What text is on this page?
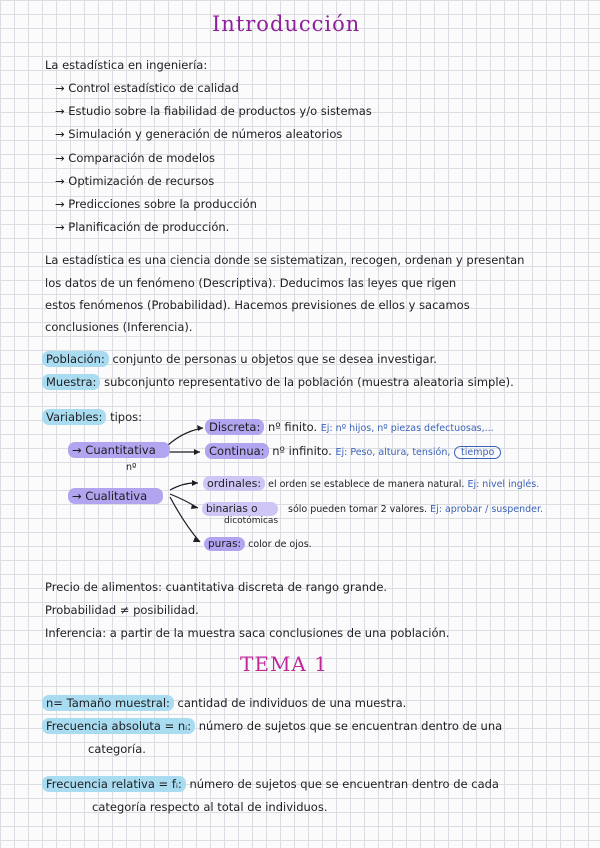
Introducción
La estadística en ingeniería:
→ Control estadístico de calidad
→ Estudio sobre la fiabilidad de productos y/o sistemas
→ Simulación y generación de números aleatorios
→ Comparación de modelos
→ Optimización de recursos
→ Predicciones sobre la producción
→ Planificación de producción.
La estadística es una ciencia donde se sistematizan, recogen, ordenan y presentan
los datos de un fenómeno (Descriptiva). Deducimos las leyes que rigen
estos fenómenos (Probabilidad). Hacemos previsiones de ellos y sacamos
conclusiones (Inferencia).
Población: conjunto de personas u objetos que se desea investigar.
Muestra: subconjunto representativo de la población (muestra aleatoria simple).
Variables: tipos:
→ Cuantitativa
nº
→ Cualitativa
Discreta: nº finito. Ej: nº hijos, nº piezas defectuosas,...
Continua: nº infinito. Ej: Peso, altura, tensión, tiempo
ordinales: el orden se establece de manera natural. Ej: nivel inglés.
binarias o
dicotómicas
sólo pueden tomar 2 valores. Ej: aprobar / suspender.
puras: color de ojos.
Precio de alimentos: cuantitativa discreta de rango grande.
Probabilidad ≠ posibilidad.
Inferencia: a partir de la muestra saca conclusiones de una población.
TEMA 1
n= Tamaño muestral: cantidad de individuos de una muestra.
Frecuencia absoluta = nᵢ: número de sujetos que se encuentran dentro de una
categoría.
Frecuencia relativa = fᵢ: número de sujetos que se encuentran dentro de cada
categoría respecto al total de individuos.
